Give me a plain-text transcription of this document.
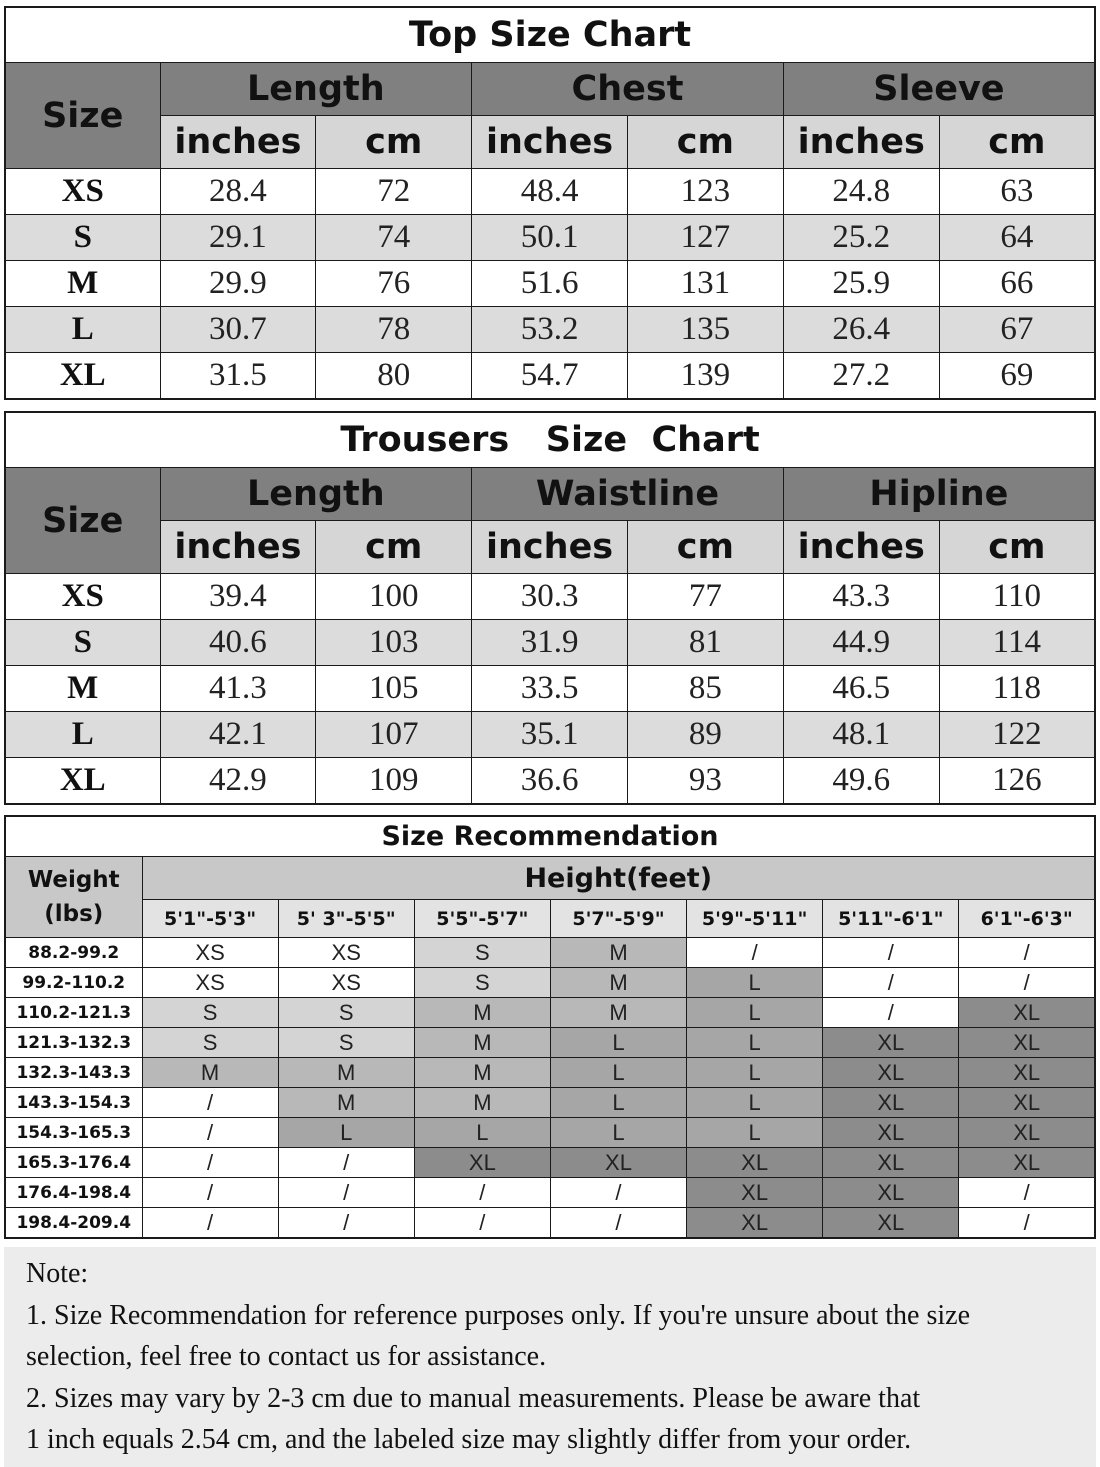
Top Size Chart						
Size	Length		Chest		Sleeve	
	inches	cm	inches	cm	inches	cm
XS	28.4	72	48.4	123	24.8	63
S	29.1	74	50.1	127	25.2	64
M	29.9	76	51.6	131	25.9	66
L	30.7	78	53.2	135	26.4	67
XL	31.5	80	54.7	139	27.2	69
Trousers   Size  Chart						
Size	Length		Waistline		Hipline	
	inches	cm	inches	cm	inches	cm
XS	39.4	100	30.3	77	43.3	110
S	40.6	103	31.9	81	44.9	114
M	41.3	105	33.5	85	46.5	118
L	42.1	107	35.1	89	48.1	122
XL	42.9	109	36.6	93	49.6	126
Size Recommendation							

Weight
(lbs)	Height(feet)						
	5'1"-5'3"	5' 3"-5'5"	5'5"-5'7"	5'7"-5'9"	5'9"-5'11"	5'11"-6'1"	6'1"-6'3"
88.2-99.2	XS	XS	S	M	/	/	/
99.2-110.2	XS	XS	S	M	L	/	/
110.2-121.3	S	S	M	M	L	/	XL
121.3-132.3	S	S	M	L	L	XL	XL
132.3-143.3	M	M	M	L	L	XL	XL
143.3-154.3	/	M	M	L	L	XL	XL
154.3-165.3	/	L	L	L	L	XL	XL
165.3-176.4	/	/	XL	XL	XL	XL	XL
176.4-198.4	/	/	/	/	XL	XL	/
198.4-209.4	/	/	/	/	XL	XL	/

Note:

1. Size Recommendation for reference purposes only. If you're unsure about the size

selection, feel free to contact us for assistance.

2. Sizes may vary by 2-3 cm due to manual measurements. Please be aware that

1 inch equals 2.54 cm, and the labeled size may slightly differ from your order.
